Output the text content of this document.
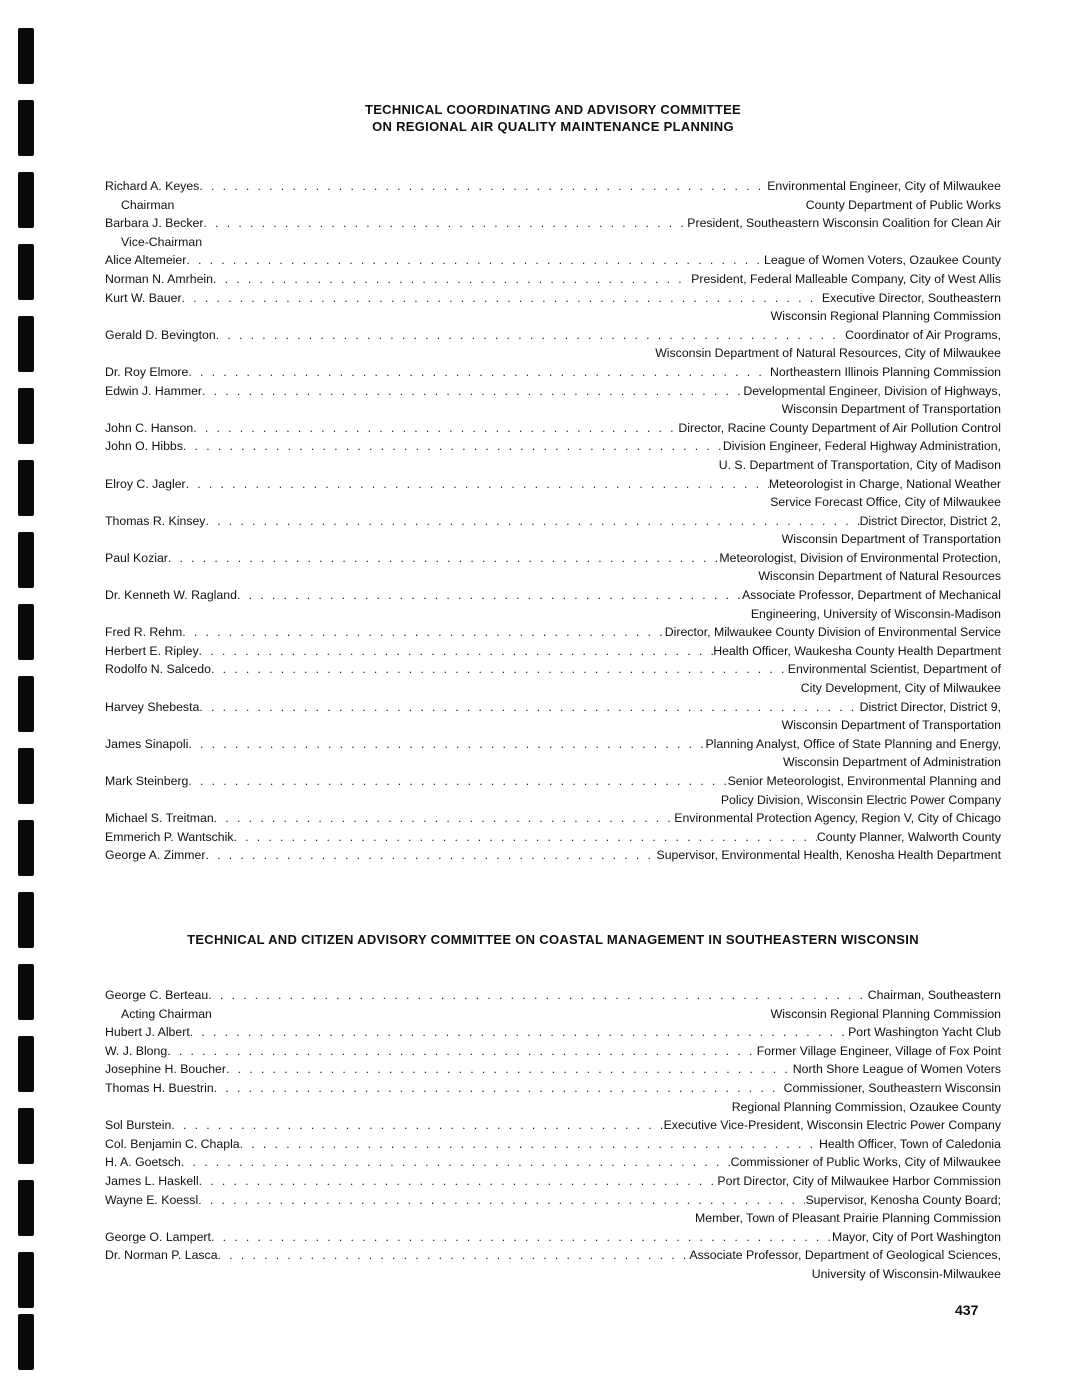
TECHNICAL COORDINATING AND ADVISORY COMMITTEE

ON REGIONAL AIR QUALITY MAINTENANCE PLANNING

Richard A. Keyes . . .	Environmental Engineer, City of Milwaukee
Chairman	County Department of Public Works
Barbara J. Becker . . .	President, Southeastern Wisconsin Coalition for Clean Air
Vice-Chairman
Alice Altemeier . . .	League of Women Voters, Ozaukee County
Norman N. Amrhein . . .	President, Federal Malleable Company, City of West Allis
Kurt W. Bauer . . .	Executive Director, Southeastern
Wisconsin Regional Planning Commission
Gerald D. Bevington . . .	Coordinator of Air Programs,
Wisconsin Department of Natural Resources, City of Milwaukee
Dr. Roy Elmore . . .	Northeastern Illinois Planning Commission
Edwin J. Hammer . . .	Developmental Engineer, Division of Highways,
Wisconsin Department of Transportation
John C. Hanson . . .	Director, Racine County Department of Air Pollution Control
John O. Hibbs . . .	Division Engineer, Federal Highway Administration,
U. S. Department of Transportation, City of Madison
Elroy C. Jagler . . .	Meteorologist in Charge, National Weather
Service Forecast Office, City of Milwaukee
Thomas R. Kinsey . . .	District Director, District 2,
Wisconsin Department of Transportation
Paul Koziar . . .	Meteorologist, Division of Environmental Protection,
Wisconsin Department of Natural Resources
Dr. Kenneth W. Ragland . . .	Associate Professor, Department of Mechanical
Engineering, University of Wisconsin-Madison
Fred R. Rehm . . .	Director, Milwaukee County Division of Environmental Service
Herbert E. Ripley . . .	Health Officer, Waukesha County Health Department
Rodolfo N. Salcedo . . .	Environmental Scientist, Department of
City Development, City of Milwaukee
Harvey Shebesta . . .	District Director, District 9,
Wisconsin Department of Transportation
James Sinapoli . . .	Planning Analyst, Office of State Planning and Energy,
Wisconsin Department of Administration
Mark Steinberg . . .	Senior Meteorologist, Environmental Planning and
Policy Division, Wisconsin Electric Power Company
Michael S. Treitman . . .	Environmental Protection Agency, Region V, City of Chicago
Emmerich P. Wantschik . . .	County Planner, Walworth County
George A. Zimmer . . .	Supervisor, Environmental Health, Kenosha Health Department

TECHNICAL AND CITIZEN ADVISORY COMMITTEE ON COASTAL MANAGEMENT IN SOUTHEASTERN WISCONSIN

George C. Berteau . . .	Chairman, Southeastern
Acting Chairman	Wisconsin Regional Planning Commission
Hubert J. Albert . . .	Port Washington Yacht Club
W. J. Blong . . .	Former Village Engineer, Village of Fox Point
Josephine H. Boucher . . .	North Shore League of Women Voters
Thomas H. Buestrin . . .	Commissioner, Southeastern Wisconsin
Regional Planning Commission, Ozaukee County
Sol Burstein . . .	Executive Vice-President, Wisconsin Electric Power Company
Col. Benjamin C. Chapla . . .	Health Officer, Town of Caledonia
H. A. Goetsch . . .	Commissioner of Public Works, City of Milwaukee
James L. Haskell . . .	Port Director, City of Milwaukee Harbor Commission
Wayne E. Koessl . . .	Supervisor, Kenosha County Board;
Member, Town of Pleasant Prairie Planning Commission
George O. Lampert . . .	Mayor, City of Port Washington
Dr. Norman P. Lasca . . .	Associate Professor, Department of Geological Sciences,
University of Wisconsin-Milwaukee
437
